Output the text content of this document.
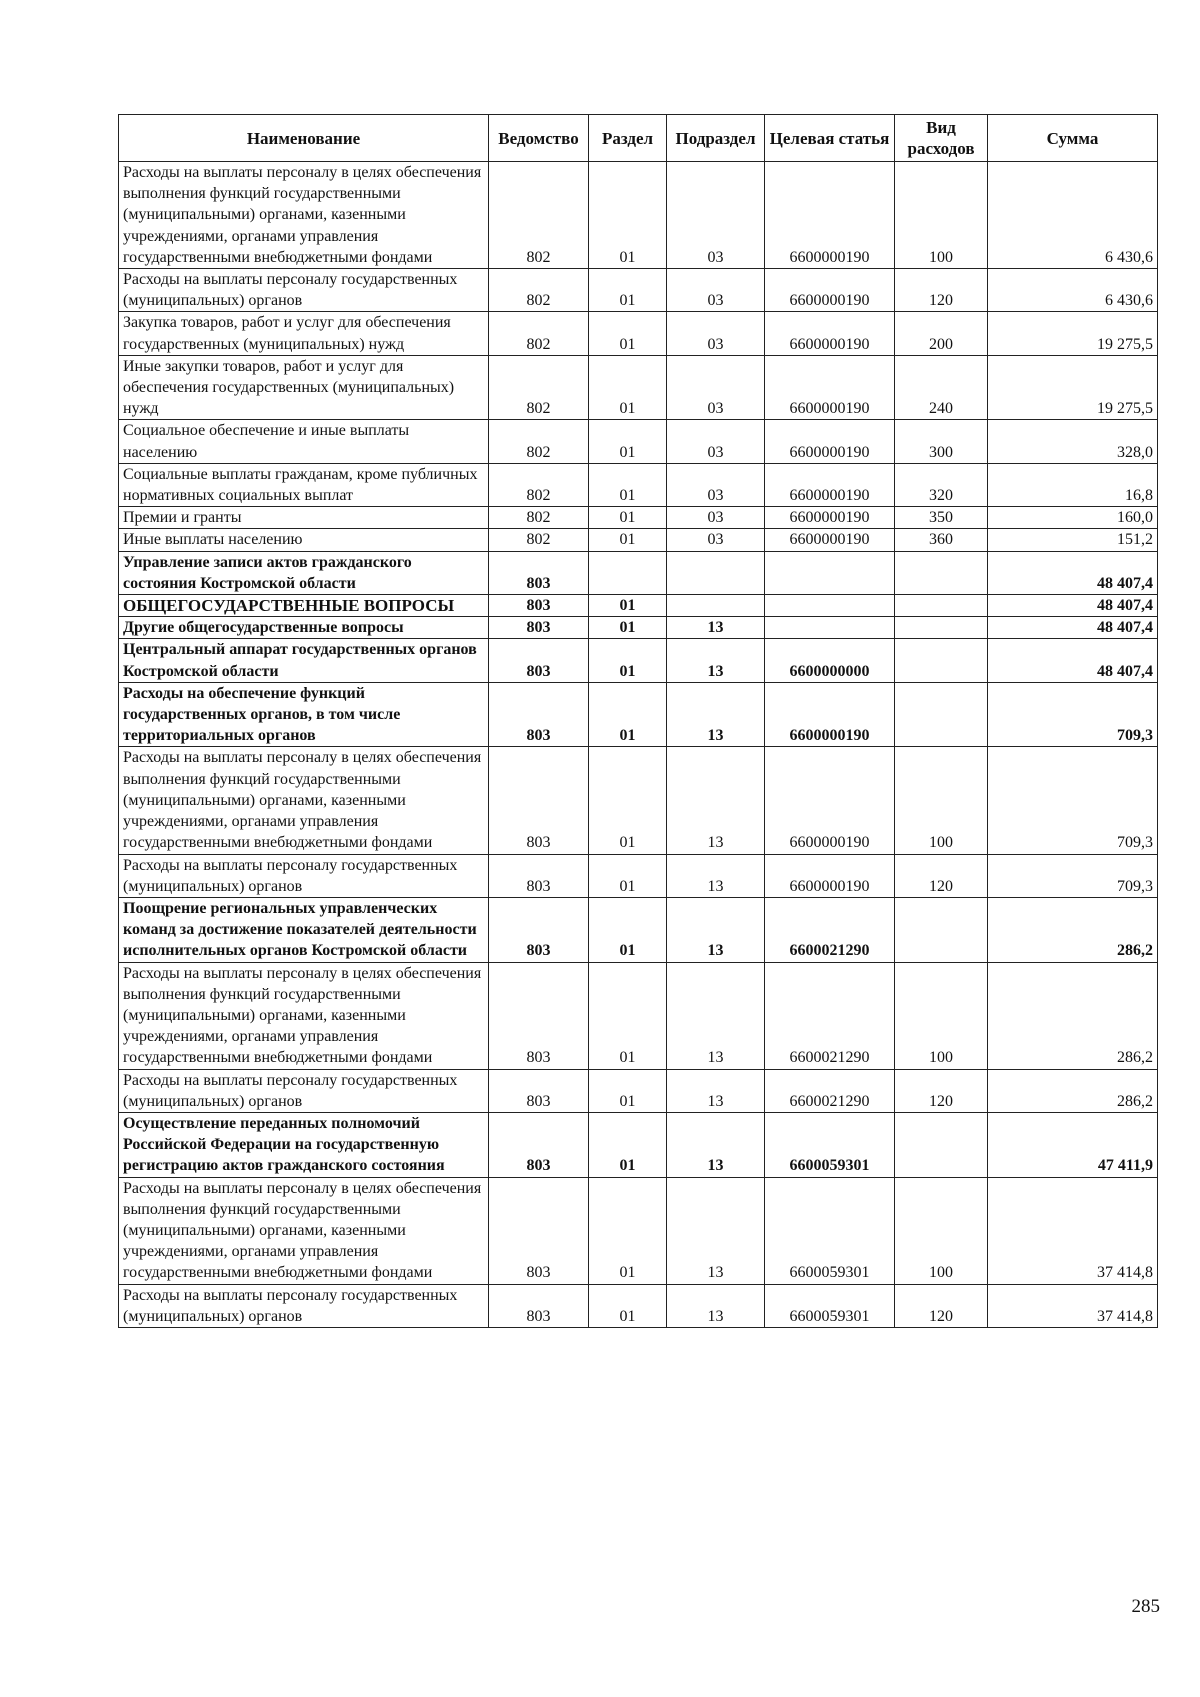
Наименование	Ведомство	Раздел	Подраздел	Целевая статья	Вид расходов	Сумма
Расходы на выплаты персоналу в целях обеспечения выполнения функций государственными (муниципальными) органами, казенными учреждениями, органами управления государственными внебюджетными фондами	802	01	03	6600000190	100	6 430,6
Расходы на выплаты персоналу государственных (муниципальных) органов	802	01	03	6600000190	120	6 430,6
Закупка товаров, работ и услуг для обеспечения государственных (муниципальных) нужд	802	01	03	6600000190	200	19 275,5
Иные закупки товаров, работ и услуг для обеспечения государственных (муниципальных) нужд	802	01	03	6600000190	240	19 275,5
Социальное обеспечение и иные выплаты населению	802	01	03	6600000190	300	328,0
Социальные выплаты гражданам, кроме публичных нормативных социальных выплат	802	01	03	6600000190	320	16,8
Премии и гранты	802	01	03	6600000190	350	160,0
Иные выплаты населению	802	01	03	6600000190	360	151,2
Управление записи актов гражданского состояния Костромской области	803					48 407,4
ОБЩЕГОСУДАРСТВЕННЫЕ ВОПРОСЫ	803	01				48 407,4
Другие общегосударственные вопросы	803	01	13			48 407,4
Центральный аппарат государственных органов Костромской области	803	01	13	6600000000		48 407,4
Расходы на обеспечение функций государственных органов, в том числе территориальных органов	803	01	13	6600000190		709,3
Расходы на выплаты персоналу в целях обеспечения выполнения функций государственными (муниципальными) органами, казенными учреждениями, органами управления государственными внебюджетными фондами	803	01	13	6600000190	100	709,3
Расходы на выплаты персоналу государственных (муниципальных) органов	803	01	13	6600000190	120	709,3
Поощрение региональных управленческих команд за достижение показателей деятельности исполнительных органов Костромской области	803	01	13	6600021290		286,2
Расходы на выплаты персоналу в целях обеспечения выполнения функций государственными (муниципальными) органами, казенными учреждениями, органами управления государственными внебюджетными фондами	803	01	13	6600021290	100	286,2
Расходы на выплаты персоналу государственных (муниципальных) органов	803	01	13	6600021290	120	286,2
Осуществление переданных полномочий Российской Федерации на государственную регистрацию актов гражданского состояния	803	01	13	6600059301		47 411,9
Расходы на выплаты персоналу в целях обеспечения выполнения функций государственными (муниципальными) органами, казенными учреждениями, органами управления государственными внебюджетными фондами	803	01	13	6600059301	100	37 414,8
Расходы на выплаты персоналу государственных (муниципальных) органов	803	01	13	6600059301	120	37 414,8
285
